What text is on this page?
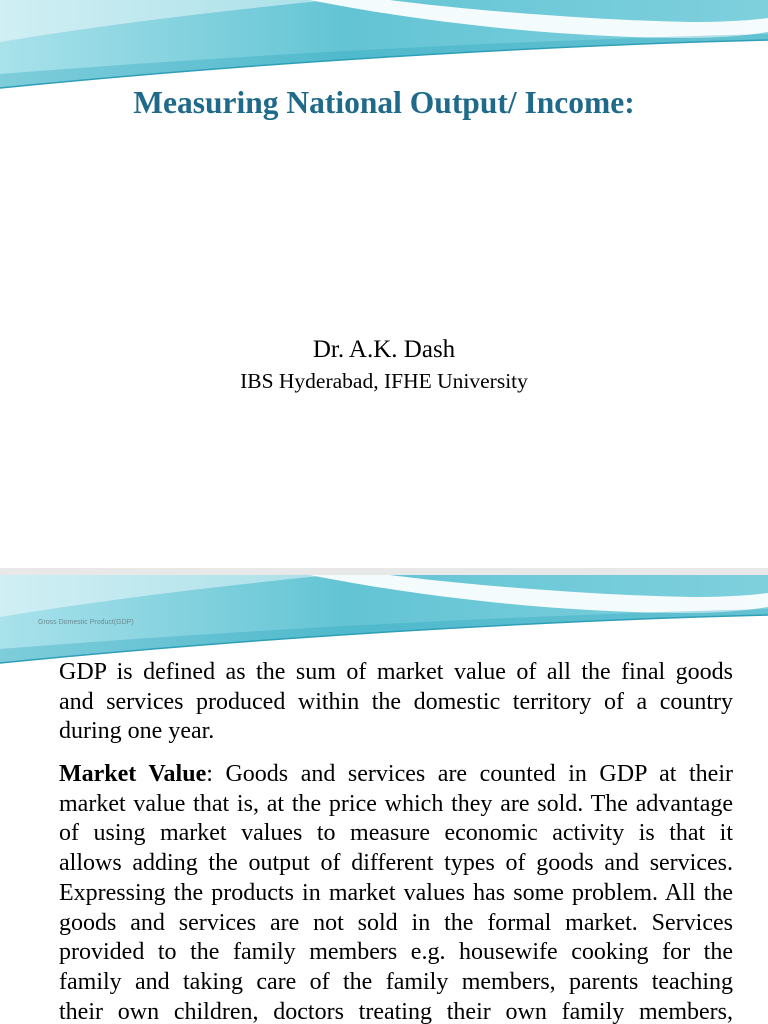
Measuring National Output/ Income:
Dr. A.K. Dash
IBS Hyderabad, IFHE University
Gross Domestic Product(GDP)
GDP is defined as the sum of market value of all the final goods
and services produced within the domestic territory of a country
during one year.
Market Value: Goods and services are counted in GDP at their
market value that is, at the price which they are sold. The advantage
of using market values to measure economic activity is that it
allows adding the output of different types of goods and services.
Expressing the products in market values has some problem. All the
goods and services are not sold in the formal market. Services
provided to the family members e.g. housewife cooking for the
family and taking care of the family members, parents teaching
their own children, doctors treating their own family members,
